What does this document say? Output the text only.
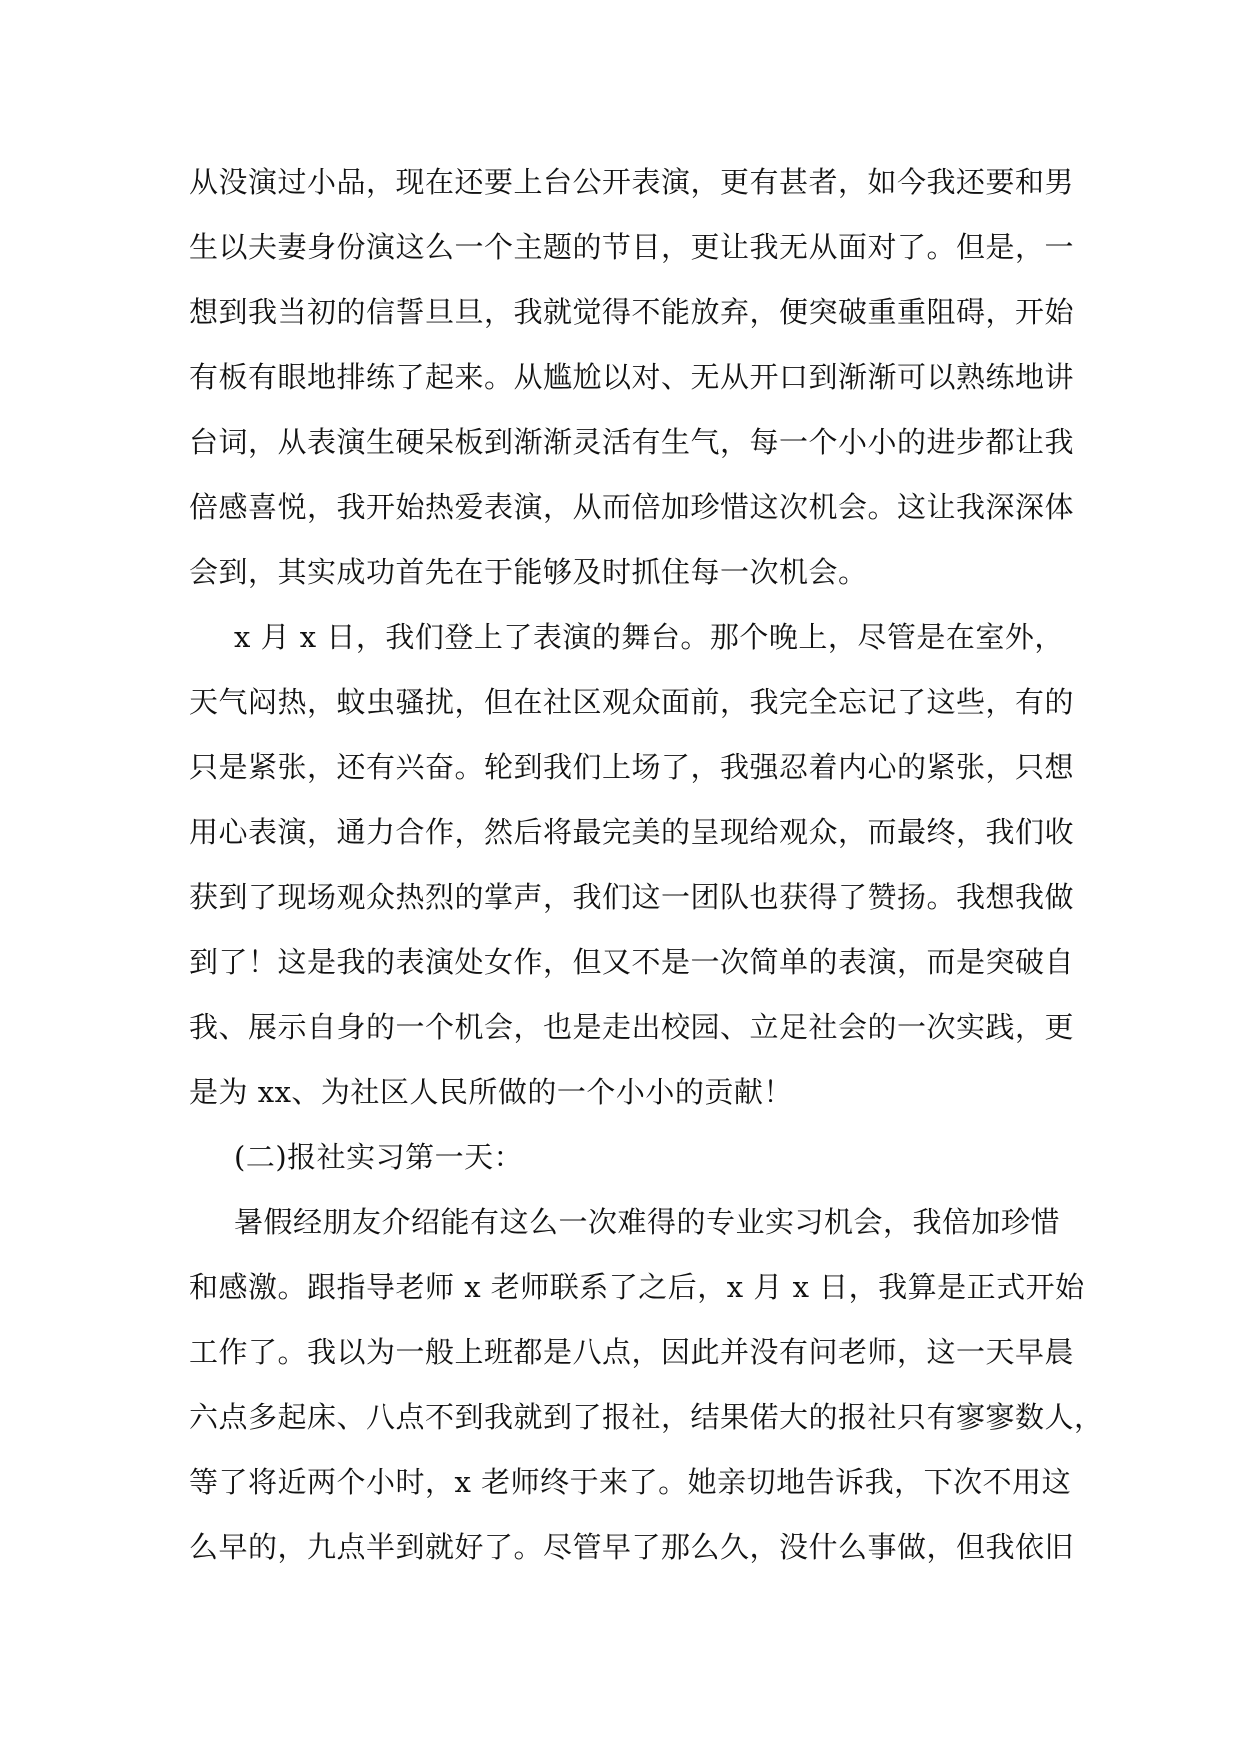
从没演过小品，现在还要上台公开表演，更有甚者，如今我还要和男
生以夫妻身份演这么一个主题的节目，更让我无从面对了。但是，一
想到我当初的信誓旦旦，我就觉得不能放弃，便突破重重阻碍，开始
有板有眼地排练了起来。从尴尬以对、无从开口到渐渐可以熟练地讲
台词，从表演生硬呆板到渐渐灵活有生气，每一个小小的进步都让我
倍感喜悦，我开始热爱表演，从而倍加珍惜这次机会。这让我深深体
会到，其实成功首先在于能够及时抓住每一次机会。
x 月 x 日，我们登上了表演的舞台。那个晚上，尽管是在室外，
天气闷热，蚊虫骚扰，但在社区观众面前，我完全忘记了这些，有的
只是紧张，还有兴奋。轮到我们上场了，我强忍着内心的紧张，只想
用心表演，通力合作，然后将最完美的呈现给观众，而最终，我们收
获到了现场观众热烈的掌声，我们这一团队也获得了赞扬。我想我做
到了！这是我的表演处女作，但又不是一次简单的表演，而是突破自
我、展示自身的一个机会，也是走出校园、立足社会的一次实践，更
是为 xx、为社区人民所做的一个小小的贡献！
(二)报社实习第一天：
暑假经朋友介绍能有这么一次难得的专业实习机会，我倍加珍惜
和感激。跟指导老师 x 老师联系了之后，x 月 x 日，我算是正式开始
工作了。我以为一般上班都是八点，因此并没有问老师，这一天早晨
六点多起床、八点不到我就到了报社，结果偌大的报社只有寥寥数人，
等了将近两个小时，x 老师终于来了。她亲切地告诉我，下次不用这
么早的，九点半到就好了。尽管早了那么久，没什么事做，但我依旧
